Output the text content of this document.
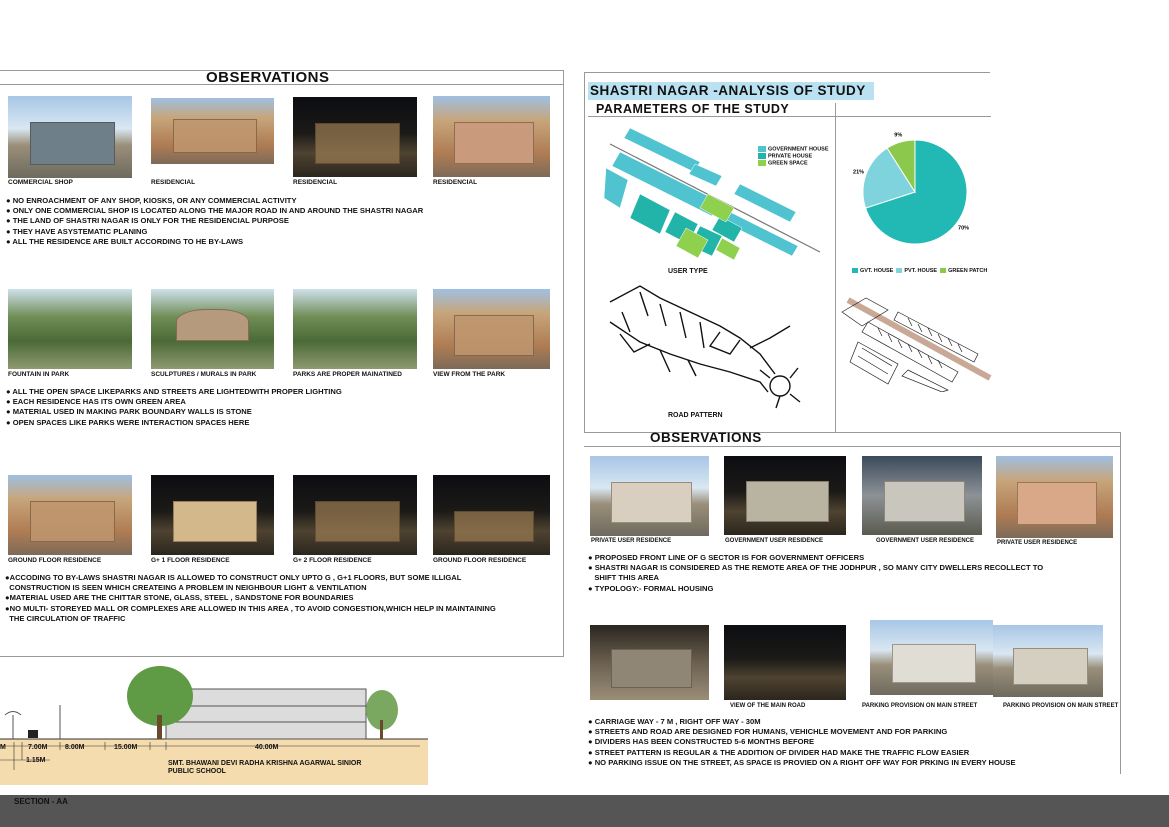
OBSERVATIONS
COMMERCIAL SHOP	RESIDENCIAL	RESIDENCIAL	RESIDENCIAL
● NO ENROACHMENT OF ANY SHOP, KIOSKS, OR ANY COMMERCIAL ACTIVITY
● ONLY ONE COMMERCIAL SHOP IS LOCATED ALONG THE MAJOR ROAD IN AND AROUND THE SHASTRI NAGAR
● THE LAND OF SHASTRI NAGAR IS ONLY FOR THE RESIDENCIAL PURPOSE
● THEY HAVE ASYSTEMATIC PLANING
● ALL THE RESIDENCE ARE BUILT ACCORDING TO HE BY-LAWS
FOUNTAIN IN PARK	SCULPTURES / MURALS IN PARK	PARKS ARE PROPER MAINATINED	VIEW FROM THE PARK
● ALL THE OPEN SPACE LIKEPARKS AND STREETS ARE LIGHTEDWITH PROPER LIGHTING
● EACH RESIDENCE HAS ITS OWN GREEN AREA
● MATERIAL USED IN MAKING PARK BOUNDARY WALLS IS STONE
● OPEN SPACES LIKE PARKS WERE INTERACTION SPACES HERE
GROUND FLOOR RESIDENCE	G+ 1 FLOOR RESIDENCE	G+ 2 FLOOR RESIDENCE	GROUND FLOOR RESIDENCE
●ACCODING TO BY-LAWS SHASTRI NAGAR IS ALLOWED TO CONSTRUCT ONLY UPTO G , G+1 FLOORS, BUT SOME ILLIGAL
CONSTRUCTION IS SEEN WHICH CREATEING A PROBLEM IN NEIGHBOUR LIGHT & VENTILATION
●MATERIAL USED ARE THE CHITTAR STONE, GLASS, STEEL , SANDSTONE FOR BOUNDARIES
●NO MULTI- STOREYED MALL OR COMPLEXES ARE ALLOWED IN THIS AREA , TO AVOID CONGESTION,WHICH HELP IN MAINTAINING
THE CIRCULATION OF TRAFFIC
M	7.00M	8.00M	15.00M	40.00M
1.15M	SMT. BHAWANI DEVI RADHA KRISHNA AGARWAL SINIOR
PUBLIC SCHOOL
SECTION - AA
SHASTRI NAGAR -ANALYSIS OF STUDY
PARAMETERS OF THE STUDY
GOVERNMENT HOUSE
PRIVATE HOUSE
GREEN SPACE
USER TYPE
70%
21%
9%
GVT. HOUSE PVT. HOUSE GREEN PATCH
ROAD PATTERN
OBSERVATIONS
PRIVATE USER RESIDENCE	GOVERNMENT USER RESIDENCE	GOVERNMENT USER RESIDENCE	PRIVATE USER RESIDENCE
● PROPOSED FRONT LINE OF G SECTOR IS FOR GOVERNMENT OFFICERS
● SHASTRI NAGAR IS CONSIDERED AS THE REMOTE AREA OF THE JODHPUR , SO MANY CITY DWELLERS RECOLLECT TO
SHIFT THIS AREA
● TYPOLOGY:- FORMAL HOUSING
VIEW OF THE MAIN ROAD	PARKING PROVISION ON MAIN STREET	PARKING PROVISION ON MAIN STREET
● CARRIAGE WAY - 7 M , RIGHT OFF WAY - 30M
● STREETS AND ROAD ARE DESIGNED FOR HUMANS, VEHICHLE MOVEMENT AND FOR PARKING
● DIVIDERS HAS BEEN CONSTRUCTED 5-6 MONTHS BEFORE
● STREET PATTERN IS REGULAR & THE ADDITION OF DIVIDER HAD MAKE THE TRAFFIC FLOW EASIER
● NO PARKING ISSUE ON THE STREET, AS SPACE IS PROVIED ON A RIGHT OFF WAY FOR PRKING IN EVERY HOUSE
